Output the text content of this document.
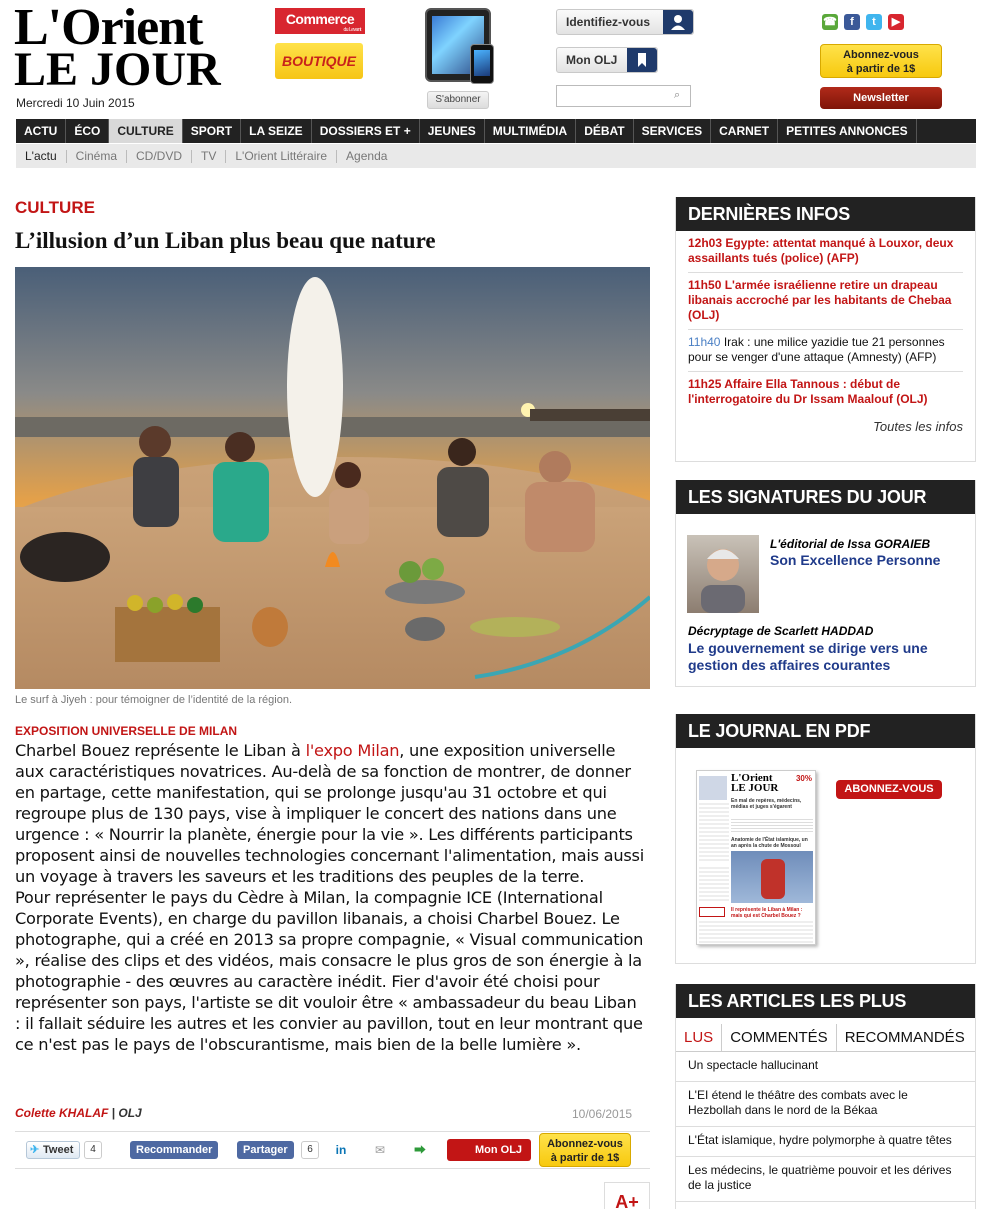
L'Orient
LE JOUR
Mercredi 10 Juin 2015
Commerce
du Levant
BOUTIQUE
S'abonner
Identifiez-vous
Mon OLJ
⌕
☎	f	t	▶
Abonnez-vous
à partir de 1$
Newsletter
ACTU	ÉCO	CULTURE	SPORT	LA SEIZE	DOSSIERS ET +	JEUNES	MULTIMÉDIA	DÉBAT	SERVICES	CARNET	PETITES ANNONCES
L'actu	Cinéma	CD/DVD	TV	L'Orient Littéraire	Agenda
CULTURE
L’illusion d’un Liban plus beau que nature
Le surf à Jiyeh : pour témoigner de l’identité de la région.
EXPOSITION UNIVERSELLE DE MILAN

Charbel Bouez représente le Liban à l'expo Milan, une exposition universelle aux caractéristiques novatrices. Au-delà de sa fonction de montrer, de donner en partage, cette manifestation, qui se prolonge jusqu'au 31 octobre et qui regroupe plus de 130 pays, vise à impliquer le concert des nations dans une urgence : « Nourrir la planète, énergie pour la vie ». Les différents participants proposent ainsi de nouvelles technologies concernant l'alimentation, mais aussi un voyage à travers les saveurs et les traditions des peuples de la terre.

Pour représenter le pays du Cèdre à Milan, la compagnie ICE (International Corporate Events), en charge du pavillon libanais, a choisi Charbel Bouez. Le photographe, qui a créé en 2013 sa propre compagnie, « Visual communication », réalise des clips et des vidéos, mais consacre le plus gros de son énergie à la photographie - des œuvres au caractère inédit. Fier d'avoir été choisi pour représenter son pays, l'artiste se dit vouloir être « ambassadeur du beau Liban : il fallait séduire les autres et les convier au pavillon, tout en leur montrant que ce n'est pas le pays de l'obscurantisme, mais bien de la belle lumière ».

Colette KHALAF | OLJ	10/06/2015
✈ Tweet	4	Recommander	Partager	6	in ✉ ⮕	Mon OLJ	Abonnez-vous
à partir de 1$
A+
DERNIÈRES INFOS
12h03 Egypte: attentat manqué à Louxor, deux assaillants tués (police) (AFP)
11h50 L'armée israélienne retire un drapeau libanais accroché par les habitants de Chebaa (OLJ)
11h40 Irak : une milice yazidie tue 21 personnes pour se venger d'une attaque (Amnesty) (AFP)
11h25 Affaire Ella Tannous : début de l'interrogatoire du Dr Issam Maalouf (OLJ)
Toutes les infos
LES SIGNATURES DU JOUR
L'éditorial de Issa GORAIEB
Son Excellence Personne
Décryptage de Scarlett HADDAD
Le gouvernement se dirige vers une gestion des affaires courantes
LE JOURNAL EN PDF
L'Orient
LE JOUR
30%
En mal de repères, médecins, médias et juges s'égarent
Anatomie de l'État islamique, un an après la chute de Mossoul
Il représente le Liban à Milan : mais qui est Charbel Bouez ?
ABONNEZ-VOUS
LES ARTICLES LES PLUS
LUS	COMMENTÉS	RECOMMANDÉS
Un spectacle hallucinant
L'EI étend le théâtre des combats avec le Hezbollah dans le nord de la Békaa
L'État islamique, hydre polymorphe à quatre têtes
Les médecins, le quatrième pouvoir et les dérives de la justice
